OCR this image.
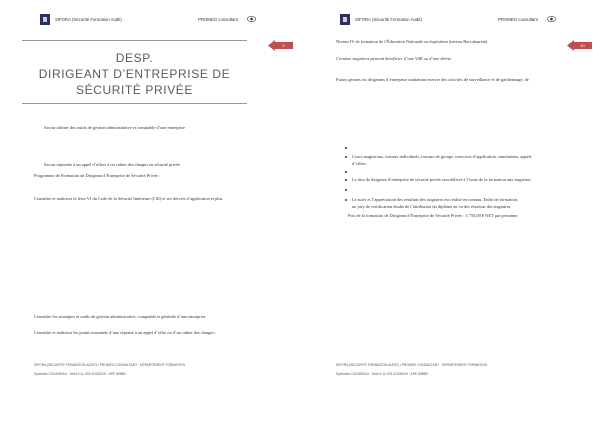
SIFORA (Sécurité Formation Audit)	PROMEO consultant
9
DESP.
DIRIGEANT D’ENTREPRISE DE
SÉCURITÉ PRIVÉE
Savoir utiliser des outils de gestion administrative et comptable d’une entreprise
Savoir répondre à un appel d’offres à un cahier des charges en sécurité privée
Programme de Formation de Dirigeant d’Entreprise de Sécurité Privée :
Connaître et maîtriser le livre VI du Code de la Sécurité Intérieure (CSI) et ses décrets d’application et plus
Connaître les stratégies et outils de gestion administrative, comptable et générale d’une entreprise
Connaître et maîtriser les points essentiels d’une réponse à un appel d’offre ou d’un cahier des charges :
SIFORA (SECURITE FORMATION AUDIT) / PROMEO CONSULTANT · DEPARTEMENT FORMATION
Sylvestre COUSSEAU · Siret 5 11 475 01400029 · APE 8559B ·
SIFORA (Sécurité Formation Audit)	PROMEO consultant
10
Niveau IV de formation de l’Éducation Nationale ou équivalent (niveau Baccalauréat)
Certains stagiaires peuvent bénéficier d’une VAE ou d’une dérive
Futurs gérants ou dirigeants d’entreprise souhaitant exercer des activités de surveillance et de gardiennage, de
Cours magistraux, travaux individuels, travaux de groupe, exercices d’application, simulations, appels
d’offres.
Le titre de dirigeant d’entreprise de sécurité privée sera délivré à l’issue de la formation aux stagiaires
Le suivi et l’appréciation des résultats des stagiaires est réalisé en continu. Enfin de formation,
un jury de certification étudie de l’attribution du diplôme au vu des résultats des stagiaires.
Prix de la formation de Dirigeant d’Entreprise de Sécurité Privée : 3 750,00 € NET par personne.
SIFORA (SECURITE FORMATION AUDIT) / PROMEO CONSULTANT · DEPARTEMENT FORMATION
Sylvestre COUSSEAU · Siret 5 11 475 01400029 · APE 8559B ·
